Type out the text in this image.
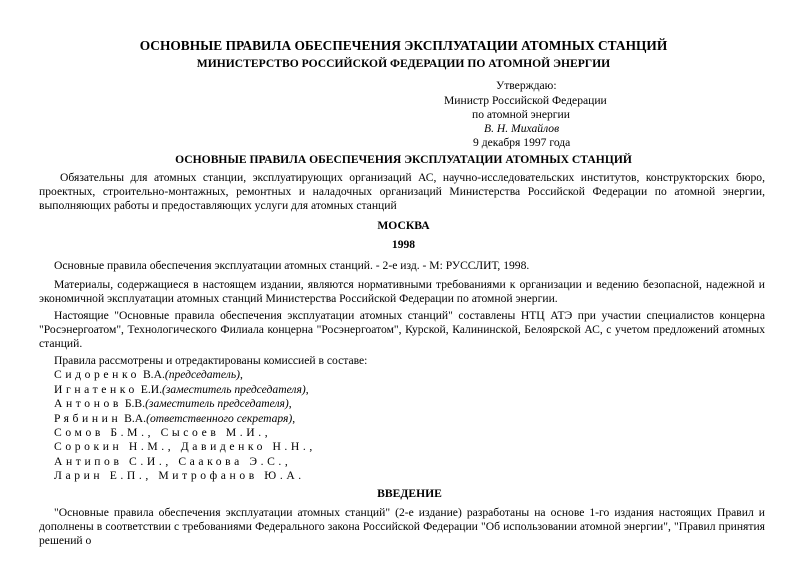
ОСНОВНЫЕ ПРАВИЛА ОБЕСПЕЧЕНИЯ ЭКСПЛУАТАЦИИ АТОМНЫХ СТАНЦИЙ
МИНИСТЕРСТВО РОССИЙСКОЙ ФЕДЕРАЦИИ ПО АТОМНОЙ ЭНЕРГИИ
Утверждаю:
Министр Российской Федерации
по атомной энергии
В. Н. Михайлов
9 декабря 1997 года
ОСНОВНЫЕ ПРАВИЛА ОБЕСПЕЧЕНИЯ ЭКСПЛУАТАЦИИ АТОМНЫХ СТАНЦИЙ
Обязательны для атомных станции, эксплуатирующих организаций АС, научно-исследовательских институтов, конструкторских бюро, проектных, строительно-монтажных, ремонтных и наладочных организаций Министерства Российской Федерации по атомной энергии, выполняющих работы и предоставляющих услуги для атомных станций
МОСКВА
1998
Основные правила обеспечения эксплуатации атомных станций. - 2-е изд. - М: РУССЛИТ, 1998.
Материалы, содержащиеся в настоящем издании, являются нормативными требованиями к организации и ведению безопасной, надежной и экономичной эксплуатации атомных станций Министерства Российской Федерации по атомной энергии.
Настоящие "Основные правила обеспечения эксплуатации атомных станций" составлены НТЦ АТЭ при участии специалистов концерна "Росэнергоатом", Технологического Филиала концерна "Росэнергоатом", Курской, Калининской, Белоярской АС, с учетом предложений атомных станций.
Правила рассмотрены и отредактированы комиссией в составе:
Сидоренко В.А.(председатель),
Игнатенко Е.И.(заместитель председателя),
Антонов Б.В.(заместитель председателя),
Рябинин В.А.(ответственного секретаря),
Сомов Б.М., Сысоев М.И.,
Сорокин Н.М., Давиденко Н.Н.,
Антипов С.И., Саакова Э.С.,
Ларин Е.П., Митрофанов Ю.А.
ВВЕДЕНИЕ
"Основные правила обеспечения эксплуатации атомных станций" (2-е издание) разработаны на основе 1-го издания настоящих Правил и дополнены в соответствии с требованиями Федерального закона Российской Федерации "Об использовании атомной энергии", "Правил принятия решений о
